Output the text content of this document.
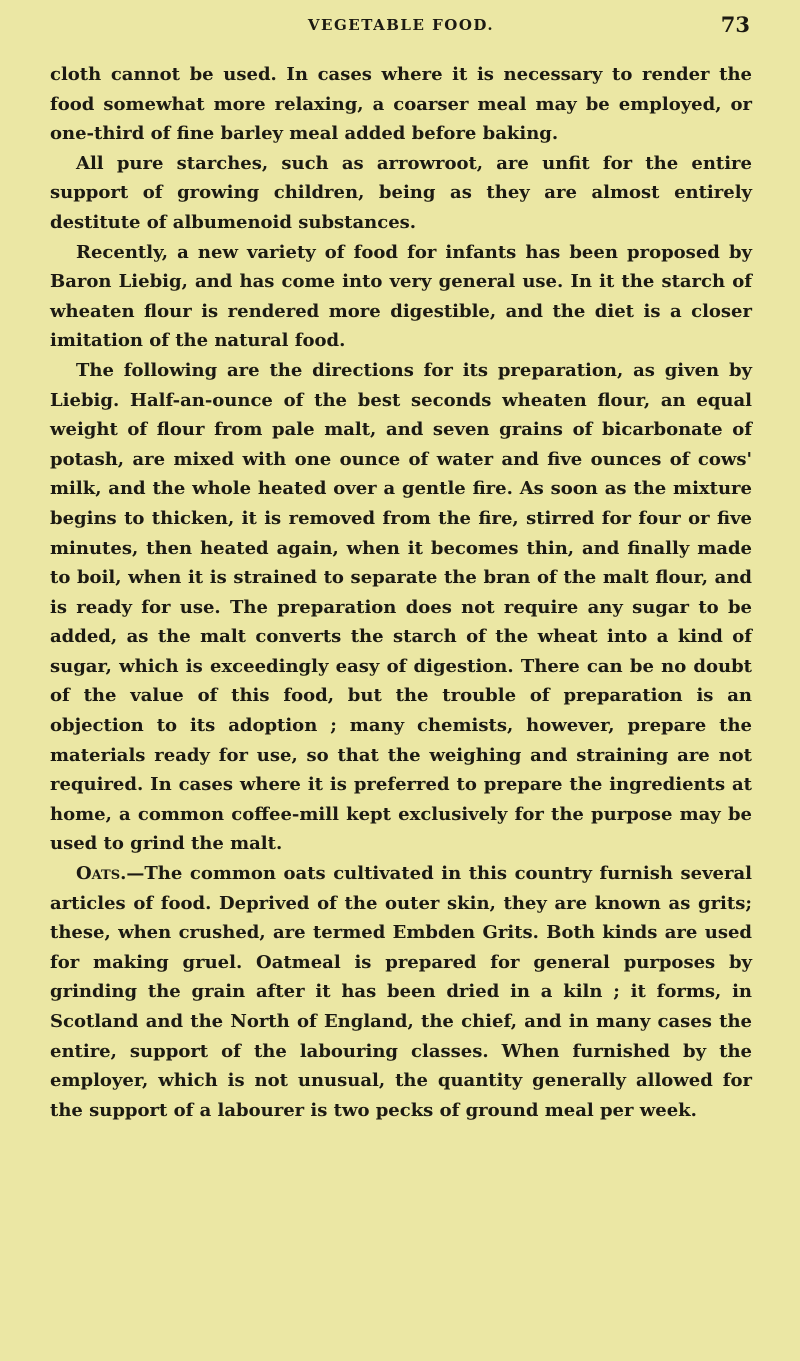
VEGETABLE FOOD.	73

cloth cannot be used. In cases where it is necessary to render the food somewhat more relaxing, a coarser meal may be employed, or one-third of fine barley meal added before baking.

All pure starches, such as arrowroot, are unfit for the entire support of growing children, being as they are almost entirely destitute of albumenoid substances.

Recently, a new variety of food for infants has been proposed by Baron Liebig, and has come into very general use. In it the starch of wheaten flour is rendered more digestible, and the diet is a closer imitation of the natural food.

The following are the directions for its preparation, as given by Liebig. Half-an-ounce of the best seconds wheaten flour, an equal weight of flour from pale malt, and seven grains of bicarbonate of potash, are mixed with one ounce of water and five ounces of cows' milk, and the whole heated over a gentle fire. As soon as the mixture begins to thicken, it is removed from the fire, stirred for four or five minutes, then heated again, when it becomes thin, and finally made to boil, when it is strained to separate the bran of the malt flour, and is ready for use. The preparation does not require any sugar to be added, as the malt converts the starch of the wheat into a kind of sugar, which is exceedingly easy of digestion. There can be no doubt of the value of this food, but the trouble of preparation is an objection to its adoption ; many chemists, however, prepare the materials ready for use, so that the weighing and straining are not required. In cases where it is preferred to prepare the ingredients at home, a common coffee-mill kept exclusively for the purpose may be used to grind the malt.

Oats.—The common oats cultivated in this country furnish several articles of food. Deprived of the outer skin, they are known as grits; these, when crushed, are termed Embden Grits. Both kinds are used for making gruel. Oatmeal is prepared for general purposes by grinding the grain after it has been dried in a kiln ; it forms, in Scotland and the North of England, the chief, and in many cases the entire, support of the labouring classes. When furnished by the employer, which is not unusual, the quantity generally allowed for the support of a labourer is two pecks of ground meal per week.
